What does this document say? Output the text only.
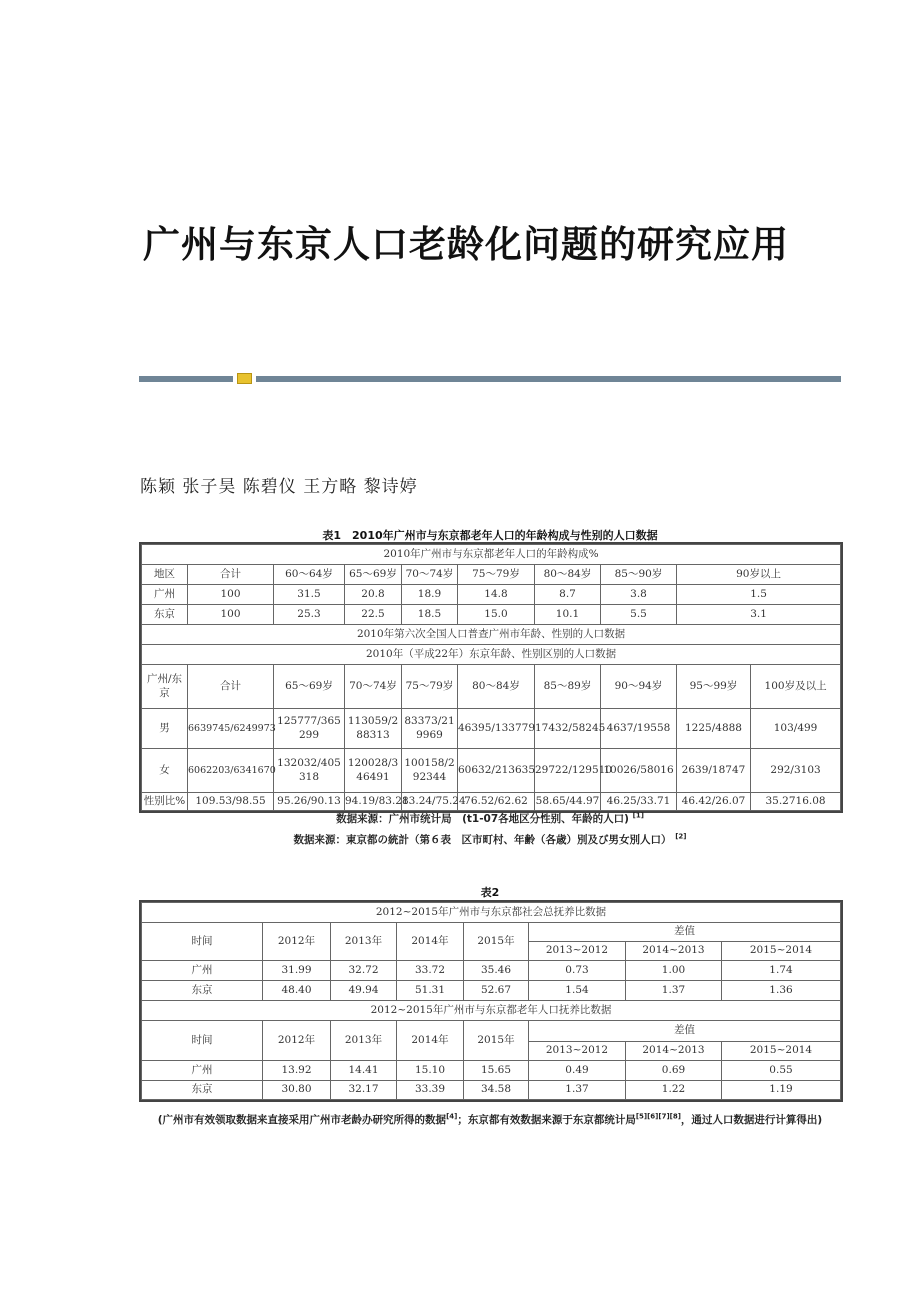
广州与东京人口老龄化问题的研究应用
陈颖 张子昊 陈碧仪 王方略 黎诗婷
表1　2010年广州市与东京都老年人口的年龄构成与性别的人口数据
2010年广州市与东京都老年人口的年龄构成%									
地区	合计	60～64岁	65～69岁	70～74岁	75～79岁	80～84岁	85～90岁	90岁以上	
广州	100	31.5	20.8	18.9	14.8	8.7	3.8	1.5	
东京	100	25.3	22.5	18.5	15.0	10.1	5.5	3.1	
2010年第六次全国人口普查广州市年龄、性别的人口数据									
2010年（平成22年）东京年龄、性别区别的人口数据									
广州/东京	合计	65～69岁	70～74岁	75～79岁	80～84岁	85～89岁	90～94岁	95～99岁	100岁及以上
男	6639745/6249973	125777/365299	113059/288313	83373/219969	46395/133779	17432/58245	4637/19558	1225/4888	103/499
女	6062203/6341670	132032/405318	120028/346491	100158/292344	60632/213635	29722/129510	10026/58016	2639/18747	292/3103
性别比%	109.53/98.55	95.26/90.13	94.19/83.21	83.24/75.24	76.52/62.62	58.65/44.97	46.25/33.71	46.42/26.07	35.2716.08
数据来源：广州市统计局　(t1-07各地区分性别、年龄的人口) [1]
数据来源：東京都の統計（第６表　区市町村、年齢（各歳）別及び男女別人口） [2]
表2
2012~2015年广州市与东京都社会总抚养比数据							
时间	2012年	2013年	2014年	2015年	差值		
					2013~2012	2014~2013	2015~2014
广州	31.99	32.72	33.72	35.46	0.73	1.00	1.74
东京	48.40	49.94	51.31	52.67	1.54	1.37	1.36
2012~2015年广州市与东京都老年人口抚养比数据							
时间	2012年	2013年	2014年	2015年	差值		
					2013~2012	2014~2013	2015~2014
广州	13.92	14.41	15.10	15.65	0.49	0.69	0.55
东京	30.80	32.17	33.39	34.58	1.37	1.22	1.19
(广州市有效领取数据来直接采用广州市老龄办研究所得的数据[4]；东京都有效数据来源于东京都统计局[5][6][7][8]，通过人口数据进行计算得出)
